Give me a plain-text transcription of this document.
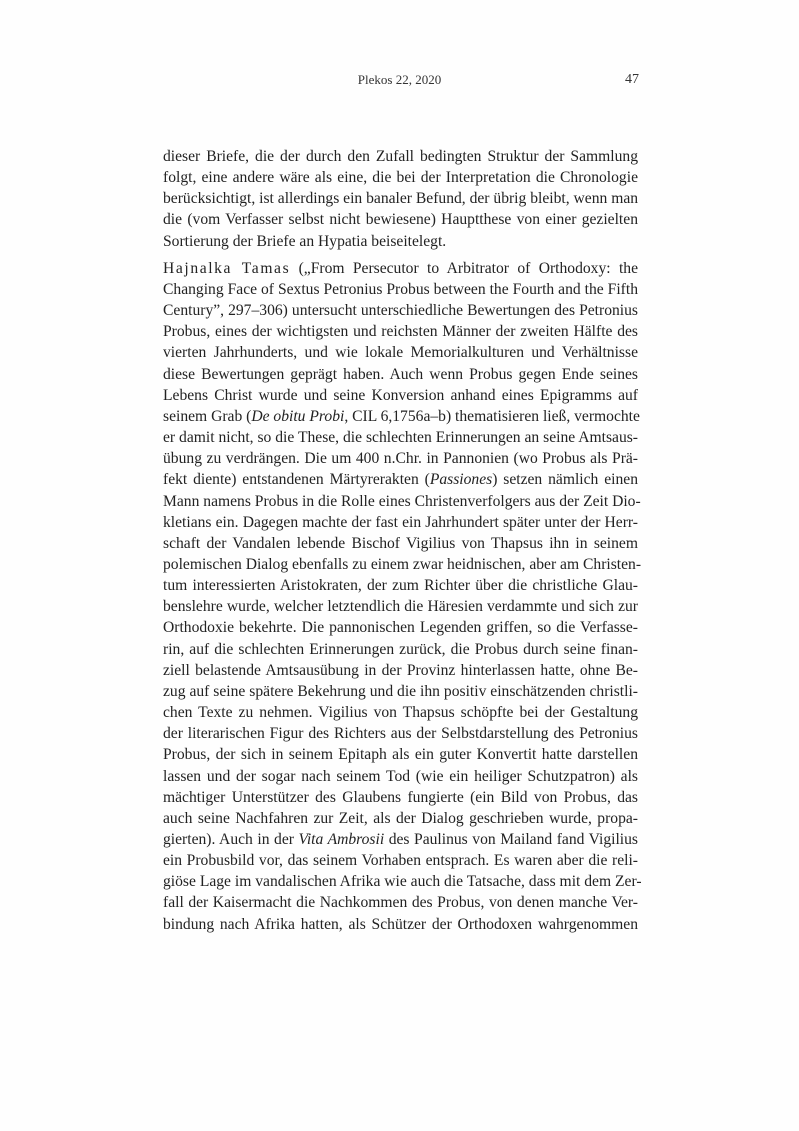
Plekos 22, 2020	47

dieser Briefe, die der durch den Zufall bedingten Struktur der Sammlung
folgt, eine andere wäre als eine, die bei der Interpretation die Chronologie
berücksichtigt, ist allerdings ein banaler Befund, der übrig bleibt, wenn man
die (vom Verfasser selbst nicht bewiesene) Hauptthese von einer gezielten
Sortierung der Briefe an Hypatia beiseitelegt.

Hajnalka Tamas („From Persecutor to Arbitrator of Orthodoxy: the
Changing Face of Sextus Petronius Probus between the Fourth and the Fifth
Century”, 297–306) untersucht unterschiedliche Bewertungen des Petronius
Probus, eines der wichtigsten und reichsten Männer der zweiten Hälfte des
vierten Jahrhunderts, und wie lokale Memorialkulturen und Verhältnisse
diese Bewertungen geprägt haben. Auch wenn Probus gegen Ende seines
Lebens Christ wurde und seine Konversion anhand eines Epigramms auf
seinem Grab (De obitu Probi, CIL 6,1756a–b) thematisieren ließ, vermochte
er damit nicht, so die These, die schlechten Erinnerungen an seine Amtsaus-
übung zu verdrängen. Die um 400 n.Chr. in Pannonien (wo Probus als Prä-
fekt diente) entstandenen Märtyrerakten (Passiones) setzen nämlich einen
Mann namens Probus in die Rolle eines Christenverfolgers aus der Zeit Dio-
kletians ein. Dagegen machte der fast ein Jahrhundert später unter der Herr-
schaft der Vandalen lebende Bischof Vigilius von Thapsus ihn in seinem
polemischen Dialog ebenfalls zu einem zwar heidnischen, aber am Christen-
tum interessierten Aristokraten, der zum Richter über die christliche Glau-
benslehre wurde, welcher letztendlich die Häresien verdammte und sich zur
Orthodoxie bekehrte. Die pannonischen Legenden griffen, so die Verfasse-
rin, auf die schlechten Erinnerungen zurück, die Probus durch seine finan-
ziell belastende Amtsausübung in der Provinz hinterlassen hatte, ohne Be-
zug auf seine spätere Bekehrung und die ihn positiv einschätzenden christli-
chen Texte zu nehmen. Vigilius von Thapsus schöpfte bei der Gestaltung
der literarischen Figur des Richters aus der Selbstdarstellung des Petronius
Probus, der sich in seinem Epitaph als ein guter Konvertit hatte darstellen
lassen und der sogar nach seinem Tod (wie ein heiliger Schutzpatron) als
mächtiger Unterstützer des Glaubens fungierte (ein Bild von Probus, das
auch seine Nachfahren zur Zeit, als der Dialog geschrieben wurde, propa-
gierten). Auch in der Vita Ambrosii des Paulinus von Mailand fand Vigilius
ein Probusbild vor, das seinem Vorhaben entsprach. Es waren aber die reli-
giöse Lage im vandalischen Afrika wie auch die Tatsache, dass mit dem Zer-
fall der Kaisermacht die Nachkommen des Probus, von denen manche Ver-
bindung nach Afrika hatten, als Schützer der Orthodoxen wahrgenommen
